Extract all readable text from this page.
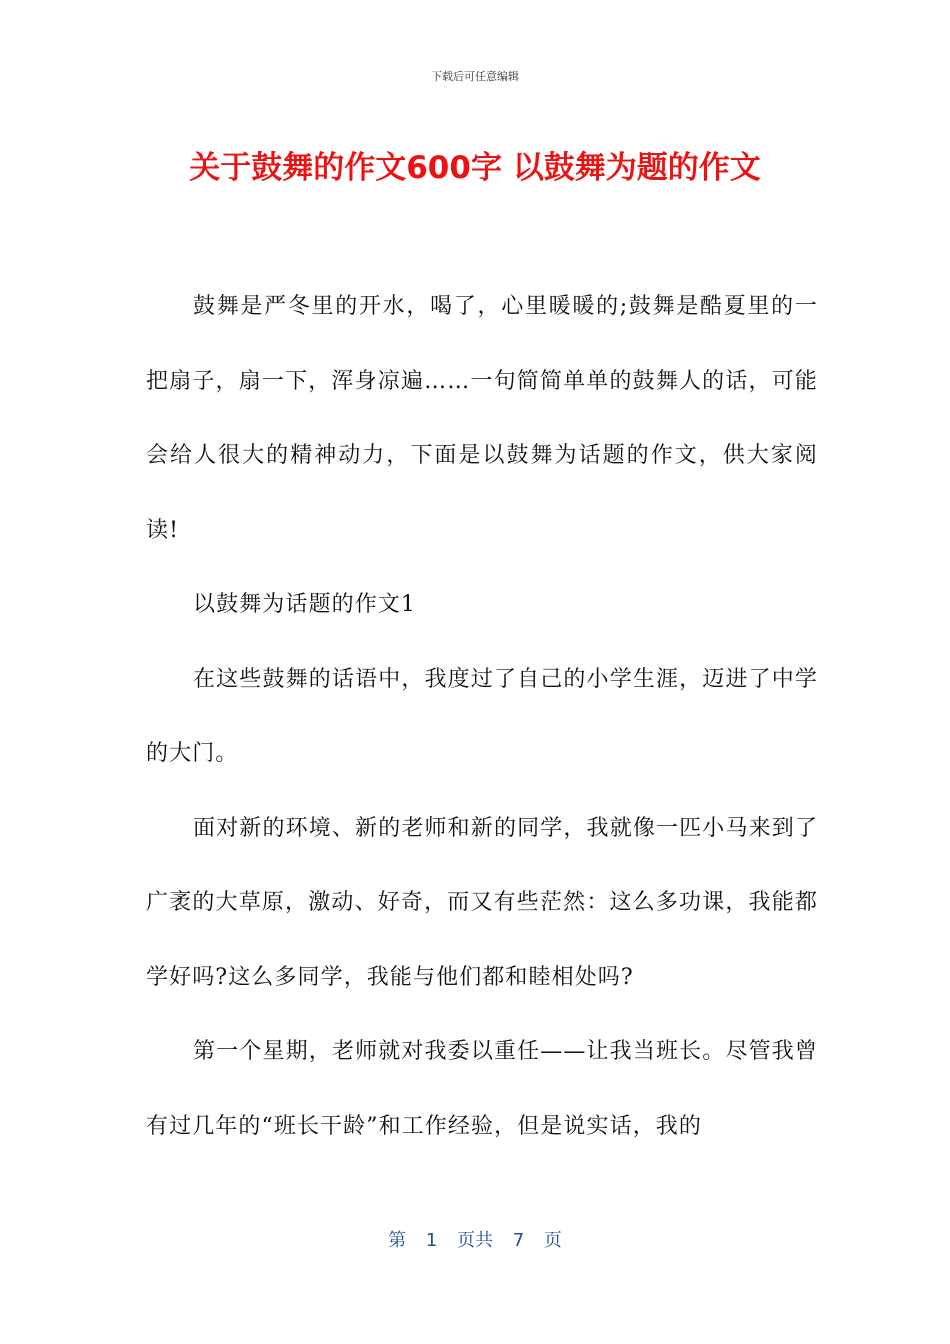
下载后可任意编辑
关于鼓舞的作文600字 以鼓舞为题的作文

鼓舞是严冬里的开水，喝了，心里暖暖的;鼓舞是酷夏里的一把扇子，扇一下，浑身凉遍……一句简简单单的鼓舞人的话，可能会给人很大的精神动力，下面是以鼓舞为话题的作文，供大家阅读!

以鼓舞为话题的作文1

在这些鼓舞的话语中，我度过了自己的小学生涯，迈进了中学的大门。

面对新的环境、新的老师和新的同学，我就像一匹小马来到了广袤的大草原，激动、好奇，而又有些茫然：这么多功课，我能都学好吗?这么多同学，我能与他们都和睦相处吗?

第一个星期，老师就对我委以重任——让我当班长。尽管我曾有过几年的“班长干龄”和工作经验，但是说实话，我的

第 1 页共 7 页
